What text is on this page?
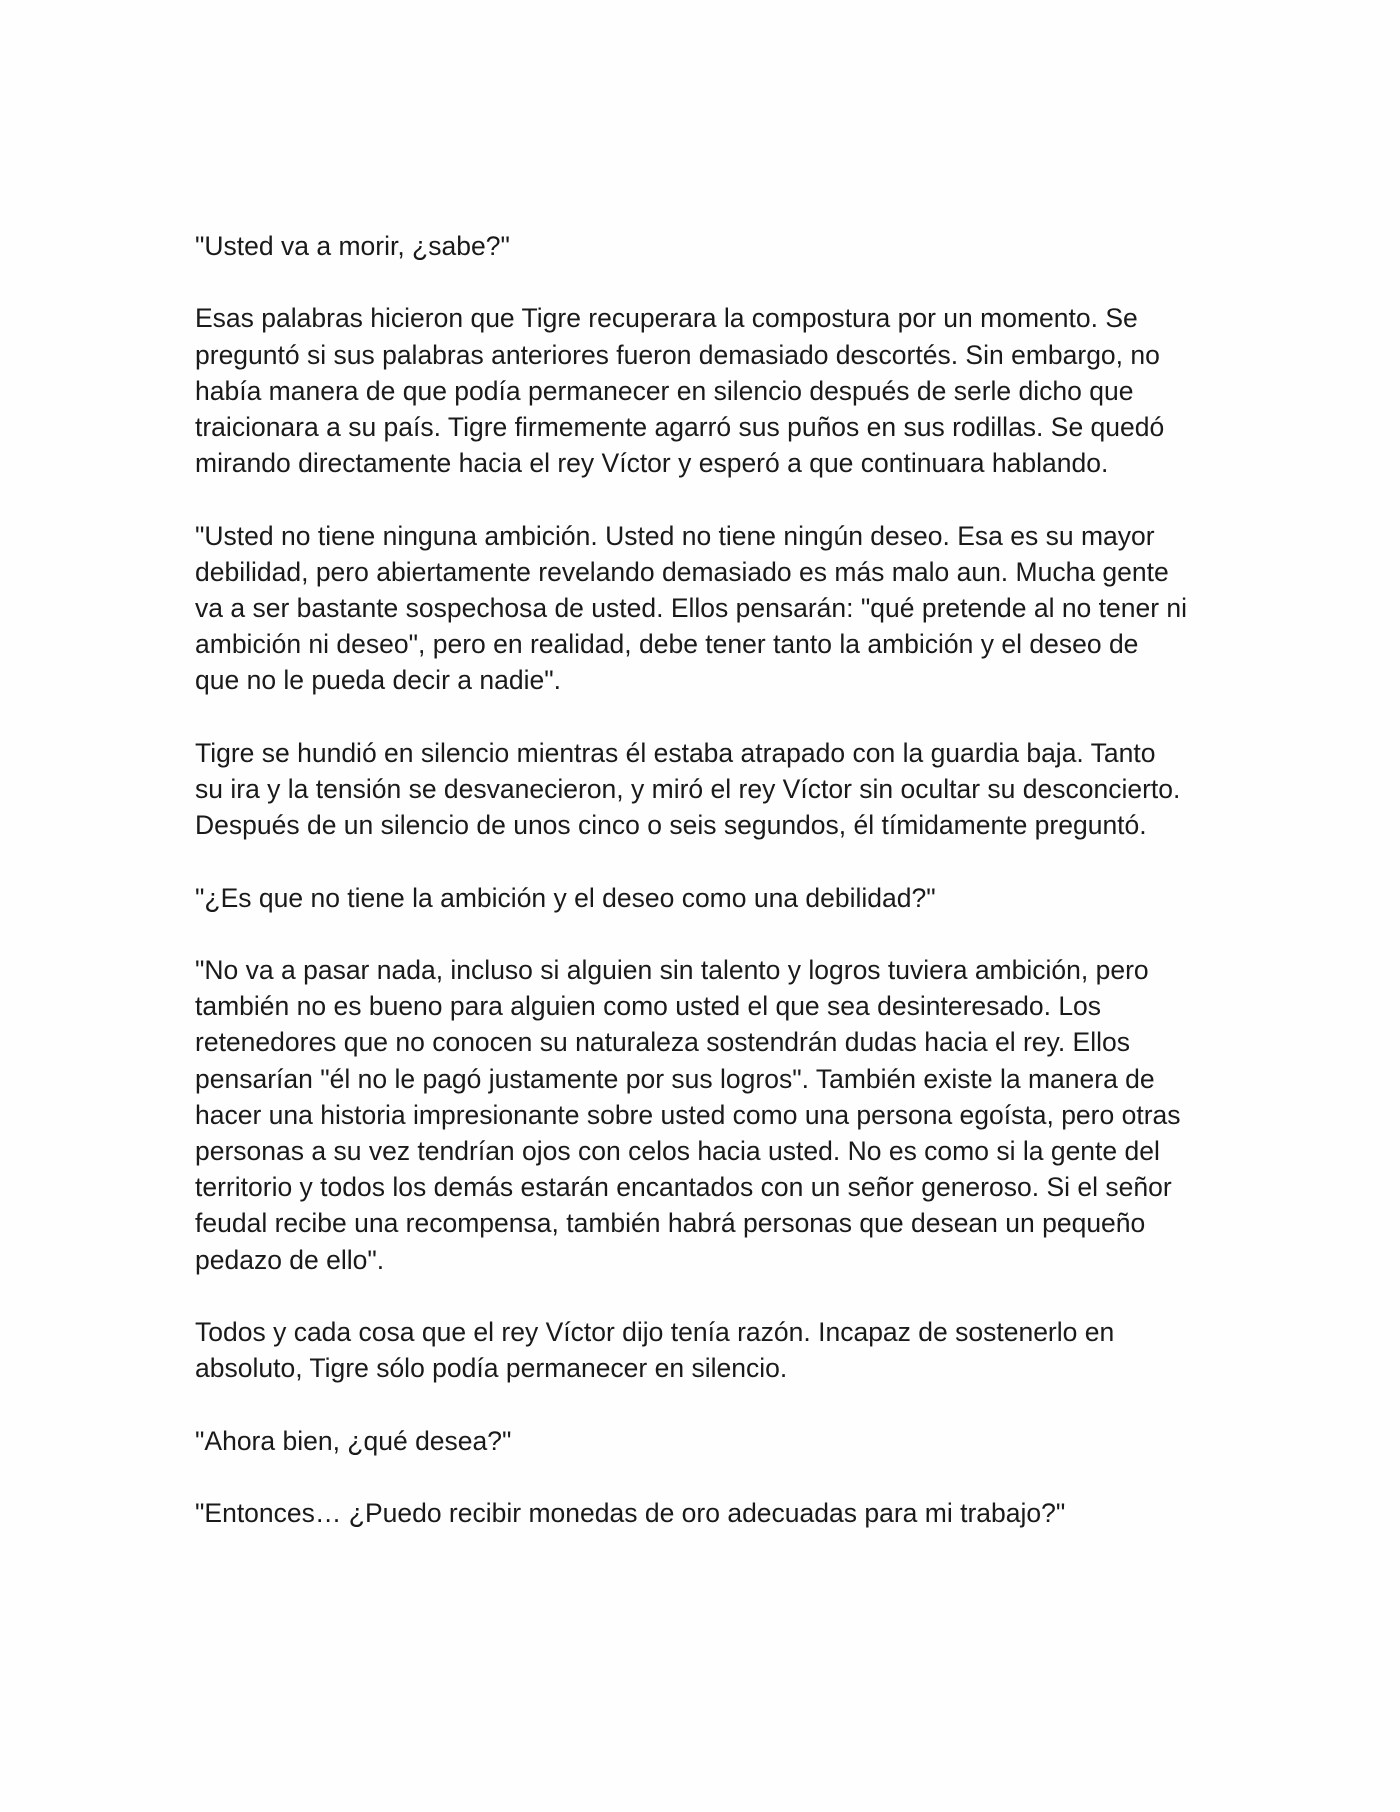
"Usted va a morir, ¿sabe?"

Esas palabras hicieron que Tigre recuperara la compostura por un momento. Se
preguntó si sus palabras anteriores fueron demasiado descortés. Sin embargo, no
había manera de que podía permanecer en silencio después de serle dicho que
traicionara a su país. Tigre firmemente agarró sus puños en sus rodillas. Se quedó
mirando directamente hacia el rey Víctor y esperó a que continuara hablando.

"Usted no tiene ninguna ambición. Usted no tiene ningún deseo. Esa es su mayor
debilidad, pero abiertamente revelando demasiado es más malo aun. Mucha gente
va a ser bastante sospechosa de usted. Ellos pensarán: "qué pretende al no tener ni
ambición ni deseo", pero en realidad, debe tener tanto la ambición y el deseo de
que no le pueda decir a nadie".

Tigre se hundió en silencio mientras él estaba atrapado con la guardia baja. Tanto
su ira y la tensión se desvanecieron, y miró el rey Víctor sin ocultar su desconcierto.
Después de un silencio de unos cinco o seis segundos, él tímidamente preguntó.

"¿Es que no tiene la ambición y el deseo como una debilidad?"

"No va a pasar nada, incluso si alguien sin talento y logros tuviera ambición, pero
también no es bueno para alguien como usted el que sea desinteresado. Los
retenedores que no conocen su naturaleza sostendrán dudas hacia el rey. Ellos
pensarían "él no le pagó justamente por sus logros". También existe la manera de
hacer una historia impresionante sobre usted como una persona egoísta, pero otras
personas a su vez tendrían ojos con celos hacia usted. No es como si la gente del
territorio y todos los demás estarán encantados con un señor generoso. Si el señor
feudal recibe una recompensa, también habrá personas que desean un pequeño
pedazo de ello".

Todos y cada cosa que el rey Víctor dijo tenía razón. Incapaz de sostenerlo en
absoluto, Tigre sólo podía permanecer en silencio.

"Ahora bien, ¿qué desea?"

"Entonces… ¿Puedo recibir monedas de oro adecuadas para mi trabajo?"
